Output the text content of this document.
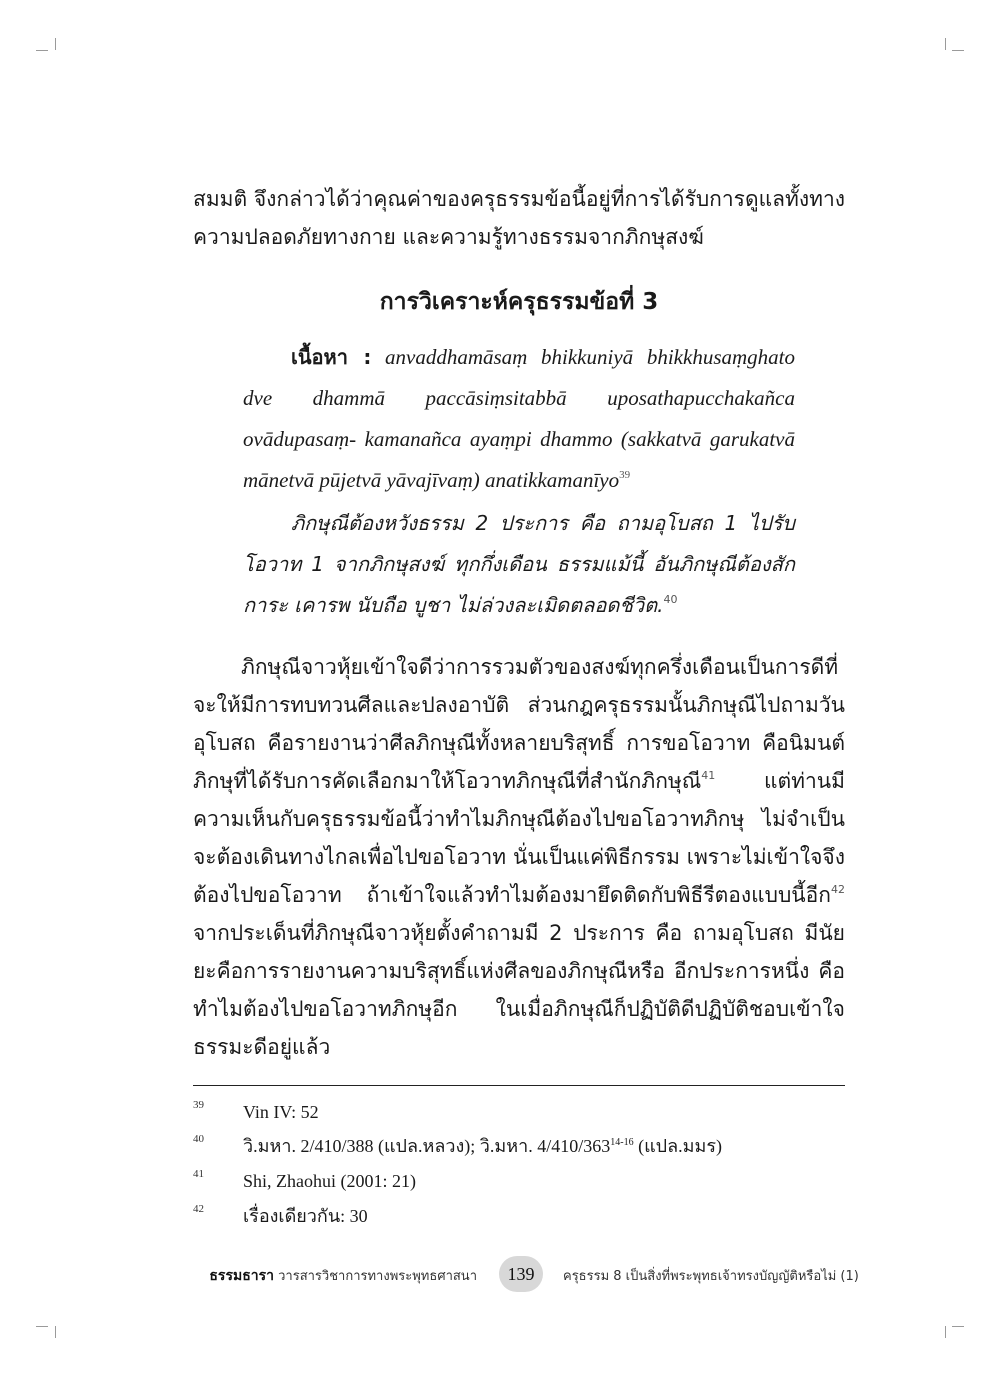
สมมติ จึงกล่าวได้ว่าคุณค่าของครุธรรมข้อนี้อยู่ที่การได้รับการดูแลทั้งทางความปลอดภัยทางกาย และความรู้ทางธรรมจากภิกษุสงฆ์

การวิเคราะห์ครุธรรมข้อที่ 3

เนื้อหา : anvaddhamāsaṃ bhikkuniyā bhikkhusaṃghato dve dhammā paccāsiṃsitabbā uposathapucchakañca ovādupasaṃ- kamanañca ayaṃpi dhammo (sakkatvā garukatvā mānetvā pūjetvā yāvajīvaṃ) anatikkamanīyo$^{39}$

ภิกษุณีต้องหวังธรรม 2 ประการ คือ ถามอุโบสถ 1 ไปรับโอวาท 1 จากภิกษุสงฆ์ ทุกกึ่งเดือน ธรรมแม้นี้ อันภิกษุณีต้องสักการะ เคารพ นับถือ บูชา ไม่ล่วงละเมิดตลอดชีวิต.$^{40}$

ภิกษุณีจาวหุ้ยเข้าใจดีว่าการรวมตัวของสงฆ์ทุกครึ่งเดือนเป็นการดีที่จะให้มีการทบทวนศีลและปลงอาบัติ ส่วนกฎครุธรรมนั้นภิกษุณีไปถามวันอุโบสถ คือรายงานว่าศีลภิกษุณีทั้งหลายบริสุทธิ์ การขอโอวาท คือนิมนต์ภิกษุที่ได้รับการคัดเลือกมาให้โอวาทภิกษุณีที่สำนักภิกษุณี$^{41}$ แต่ท่านมีความเห็นกับครุธรรมข้อนี้ว่าทำไมภิกษุณีต้องไปขอโอวาทภิกษุ ไม่จำเป็นจะต้องเดินทางไกลเพื่อไปขอโอวาท นั่นเป็นแค่พิธีกรรม เพราะไม่เข้าใจจึงต้องไปขอโอวาท ถ้าเข้าใจแล้วทำไมต้องมายึดติดกับพิธีรีตองแบบนี้อีก$^{42}$ จากประเด็นที่ภิกษุณีจาวหุ้ยตั้งคำถามมี 2 ประการ คือ ถามอุโบสถ มีนัยยะคือการรายงานความบริสุทธิ์แห่งศีลของภิกษุณีหรือ อีกประการหนึ่ง คือ ทำไมต้องไปขอโอวาทภิกษุอีก ในเมื่อภิกษุณีก็ปฏิบัติดีปฏิบัติชอบเข้าใจธรรมะดีอยู่แล้ว

39 Vin IV: 52
40 วิ.มหา. 2/410/388 (แปล.หลวง); วิ.มหา. 4/410/363$^{14-16}$ (แปล.มมร)
41 Shi, Zhaohui (2001: 21)
42 เรื่องเดียวกัน: 30
ธรรมธารา วารสารวิชาการทางพระพุทธศาสนา	139	ครุธรรม 8 เป็นสิ่งที่พระพุทธเจ้าทรงบัญญัติหรือไม่ (1)
